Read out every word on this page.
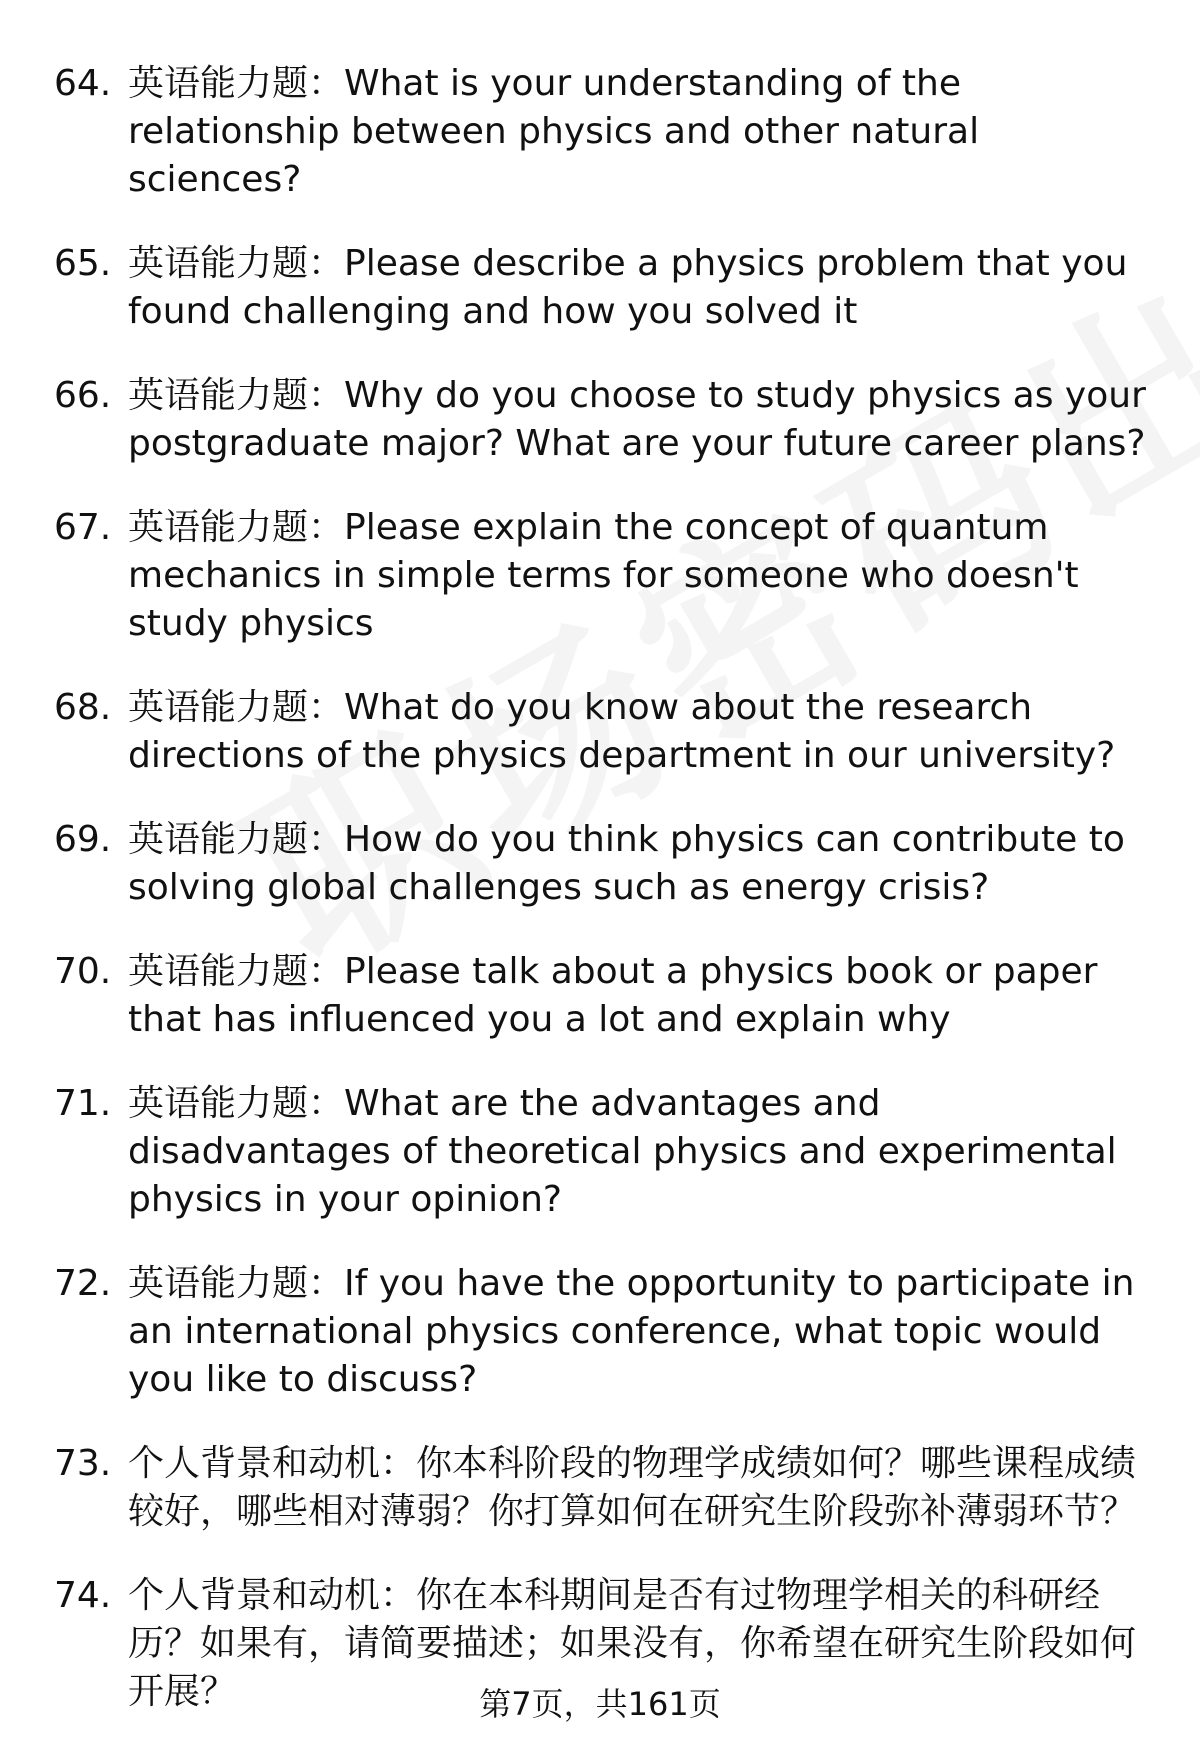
64. 英语能力题：What is your understanding of the relationship between physics and other natural sciences?
65. 英语能力题：Please describe a physics problem that you found challenging and how you solved it
66. 英语能力题：Why do you choose to study physics as your postgraduate major? What are your future career plans?
67. 英语能力题：Please explain the concept of quantum mechanics in simple terms for someone who doesn't study physics
68. 英语能力题：What do you know about the research directions of the physics department in our university?
69. 英语能力题：How do you think physics can contribute to solving global challenges such as energy crisis?
70. 英语能力题：Please talk about a physics book or paper that has influenced you a lot and explain why
71. 英语能力题：What are the advantages and disadvantages of theoretical physics and experimental physics in your opinion?
72. 英语能力题：If you have the opportunity to participate in an international physics conference, what topic would you like to discuss?
73. 个人背景和动机：你本科阶段的物理学成绩如何？哪些课程成绩较好，哪些相对薄弱？你打算如何在研究生阶段弥补薄弱环节？
74. 个人背景和动机：你在本科期间是否有过物理学相关的科研经历？如果有，请简要描述；如果没有，你希望在研究生阶段如何开展？	第7页，共161页
